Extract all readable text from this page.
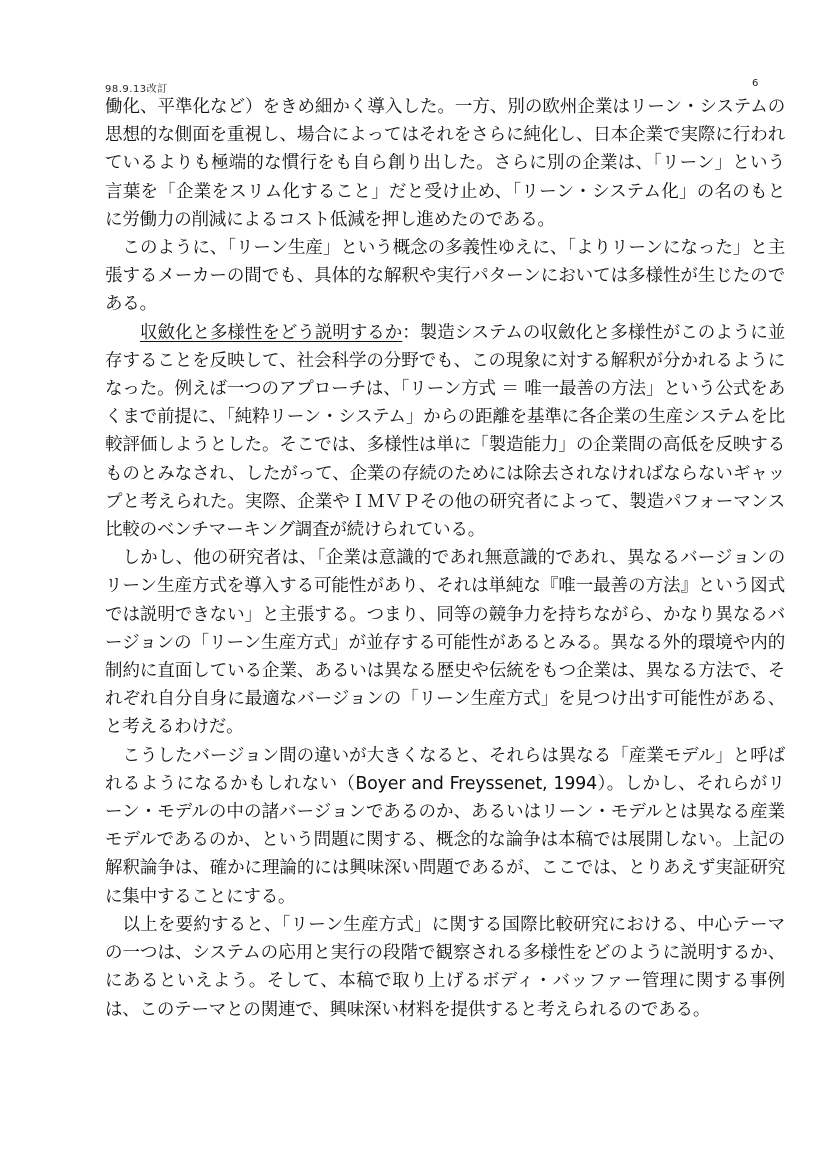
98.9.13改訂
6

働化、平準化など）をきめ細かく導入した。一方、別の欧州企業はリーン・システムの思想的な側面を重視し、場合によってはそれをさらに純化し、日本企業で実際に行われているよりも極端的な慣行をも自ら創り出した。さらに別の企業は、「リーン」という言葉を「企業をスリム化すること」だと受け止め、「リーン・システム化」の名のもとに労働力の削減によるコスト低減を押し進めたのである。

このように、「リーン生産」という概念の多義性ゆえに、「よりリーンになった」と主張するメーカーの間でも、具体的な解釈や実行パターンにおいては多様性が生じたのである。

収斂化と多様性をどう説明するか：製造システムの収斂化と多様性がこのように並存することを反映して、社会科学の分野でも、この現象に対する解釈が分かれるようになった。例えば一つのアプローチは、「リーン方式 ＝ 唯一最善の方法」という公式をあくまで前提に、「純粋リーン・システム」からの距離を基準に各企業の生産システムを比較評価しようとした。そこでは、多様性は単に「製造能力」の企業間の高低を反映するものとみなされ、したがって、企業の存続のためには除去されなければならないギャップと考えられた。実際、企業やＩＭＶＰその他の研究者によって、製造パフォーマンス比較のベンチマーキング調査が続けられている。

しかし、他の研究者は、「企業は意識的であれ無意識的であれ、異なるバージョンのリーン生産方式を導入する可能性があり、それは単純な『唯一最善の方法』という図式では説明できない」と主張する。つまり、同等の競争力を持ちながら、かなり異なるバージョンの「リーン生産方式」が並存する可能性があるとみる。異なる外的環境や内的制約に直面している企業、あるいは異なる歴史や伝統をもつ企業は、異なる方法で、それぞれ自分自身に最適なバージョンの「リーン生産方式」を見つけ出す可能性がある、と考えるわけだ。

こうしたバージョン間の違いが大きくなると、それらは異なる「産業モデル」と呼ばれるようになるかもしれない（Boyer and Freyssenet, 1994）。しかし、それらがリーン・モデルの中の諸バージョンであるのか、あるいはリーン・モデルとは異なる産業モデルであるのか、という問題に関する、概念的な論争は本稿では展開しない。上記の解釈論争は、確かに理論的には興味深い問題であるが、ここでは、とりあえず実証研究に集中することにする。

以上を要約すると、「リーン生産方式」に関する国際比較研究における、中心テーマの一つは、システムの応用と実行の段階で観察される多様性をどのように説明するか、にあるといえよう。そして、本稿で取り上げるボディ・バッファー管理に関する事例は、このテーマとの関連で、興味深い材料を提供すると考えられるのである。
